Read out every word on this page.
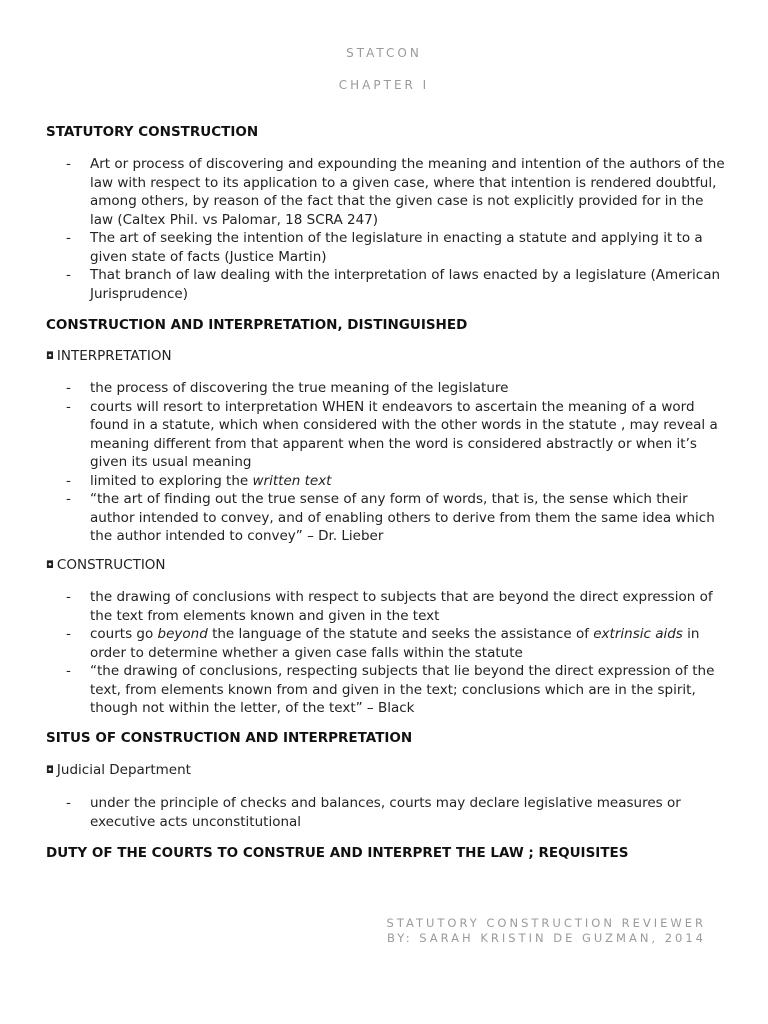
STATCON
CHAPTER I
STATUTORY CONSTRUCTION
- Art or process of discovering and expounding the meaning and intention of the authors of the law with respect to its application to a given case, where that intention is rendered doubtful, among others, by reason of the fact that the given case is not explicitly provided for in the law (Caltex Phil. vs Palomar, 18 SCRA 247)
- The art of seeking the intention of the legislature in enacting a statute and applying it to a given state of facts (Justice Martin)
- That branch of law dealing with the interpretation of laws enacted by a legislature (American Jurisprudence)
CONSTRUCTION AND INTERPRETATION, DISTINGUISHED
◘ INTERPRETATION
- the process of discovering the true meaning of the legislature
- courts will resort to interpretation WHEN it endeavors to ascertain the meaning of a word found in a statute, which when considered with the other words in the statute , may reveal a meaning different from that apparent when the word is considered abstractly or when it’s given its usual meaning
- limited to exploring the written text
- “the art of finding out the true sense of any form of words, that is, the sense which their author intended to convey, and of enabling others to derive from them the same idea which the author intended to convey” – Dr. Lieber
◘ CONSTRUCTION
- the drawing of conclusions with respect to subjects that are beyond the direct expression of the text from elements known and given in the text
- courts go beyond the language of the statute and seeks the assistance of extrinsic aids in order to determine whether a given case falls within the statute
- “the drawing of conclusions, respecting subjects that lie beyond the direct expression of the text, from elements known from and given in the text; conclusions which are in the spirit, though not within the letter, of the text” – Black
SITUS OF CONSTRUCTION AND INTERPRETATION
◘ Judicial Department
- under the principle of checks and balances, courts may declare legislative measures or executive acts unconstitutional
DUTY OF THE COURTS TO CONSTRUE AND INTERPRET THE LAW ; REQUISITES
STATUTORY CONSTRUCTION REVIEWER
BY: SARAH KRISTIN DE GUZMAN, 2014
